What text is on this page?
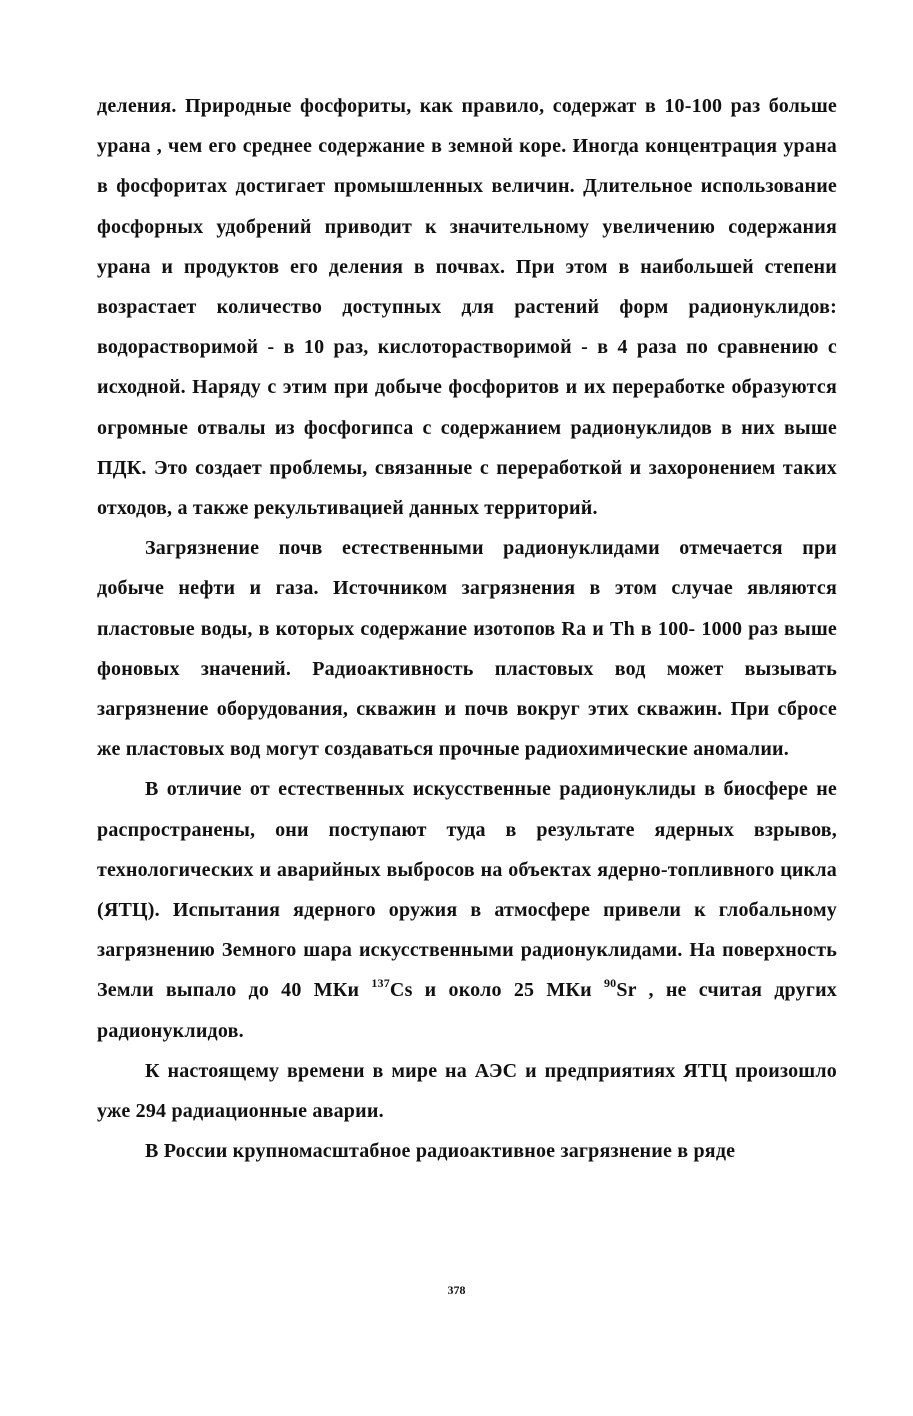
деления. Природные фосфориты, как правило, содержат в 10-100 раз больше урана , чем его среднее содержание в земной коре. Иногда концентрация урана в фосфоритах достигает промышленных величин. Длительное использование фосфорных удобрений приводит к значительному увеличению содержания урана и продуктов его деления в почвах. При этом в наибольшей степени возрастает количество доступных для растений форм радионуклидов: водорастворимой - в 10 раз, кислоторастворимой - в 4 раза по сравнению с исходной. Наряду с этим при добыче фосфоритов и их переработке образуются огромные отвалы из фосфогипса с содержанием радионуклидов в них выше ПДК. Это создает проблемы, связанные с переработкой и захоронением таких отходов, а также рекультивацией данных территорий.

Загрязнение почв естественными радионуклидами отмечается при добыче нефти и газа. Источником загрязнения в этом случае являются пластовые воды, в которых содержание изотопов Ra и Th в 100- 1000 раз выше фоновых значений. Радиоактивность пластовых вод может вызывать загрязнение оборудования, скважин и почв вокруг этих скважин. При сбросе же пластовых вод могут создаваться прочные радиохимические аномалии.

В отличие от естественных искусственные радионуклиды в биосфере не распространены, они поступают туда в результате ядерных взрывов, технологических и аварийных выбросов на объектах ядерно-топливного цикла (ЯТЦ). Испытания ядерного оружия в атмосфере привели к глобальному загрязнению Земного шара искусственными радионуклидами. На поверхность Земли выпало до 40 МКи $^{137}$Cs и около 25 МКи $^{90}$Sr , не считая других радионуклидов.

К настоящему времени в мире на АЭС и предприятиях ЯТЦ произошло уже 294 радиационные аварии.

В России крупномасштабное радиоактивное загрязнение в ряде

378
